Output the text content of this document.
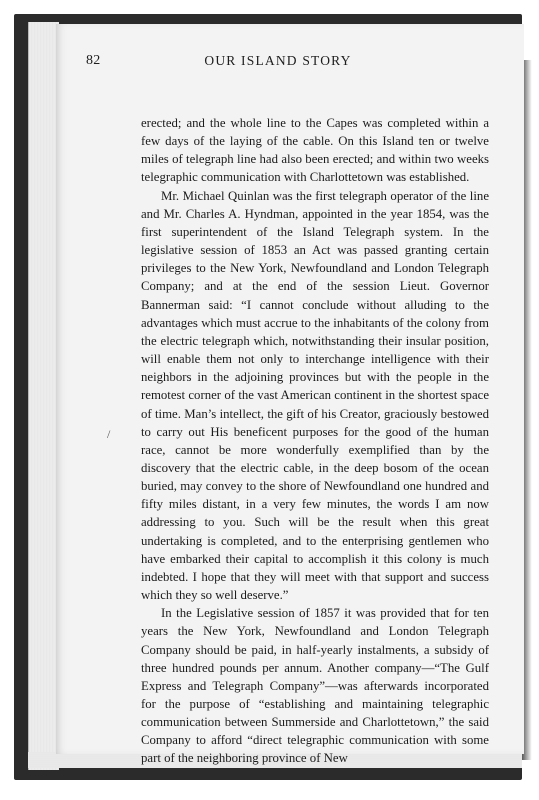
82	OUR ISLAND STORY

erected; and the whole line to the Capes was completed within a few days of the laying of the cable. On this Island ten or twelve miles of telegraph line had also been erected; and within two weeks telegraphic communication with Charlottetown was established.

Mr. Michael Quinlan was the first telegraph operator of the line and Mr. Charles A. Hyndman, appointed in the year 1854, was the first superintendent of the Island Telegraph system. In the legislative session of 1853 an Act was passed granting certain privileges to the New York, Newfoundland and London Telegraph Company; and at the end of the session Lieut. Governor Bannerman said: “I cannot conclude without alluding to the advantages which must accrue to the inhabitants of the colony from the electric telegraph which, notwithstanding their insular position, will enable them not only to interchange intelligence with their neighbors in the adjoining provinces but with the people in the remotest corner of the vast American continent in the shortest space of time. Man’s intellect, the gift of his Creator, graciously bestowed to carry out His beneficent purposes for the good of the human race, cannot be more wonderfully exemplified than by the discovery that the electric cable, in the deep bosom of the ocean buried, may convey to the shore of Newfoundland one hundred and fifty miles distant, in a very few minutes, the words I am now addressing to you. Such will be the result when this great undertaking is completed, and to the enterprising gentlemen who have embarked their capital to accomplish it this colony is much indebted. I hope that they will meet with that support and success which they so well deserve.”

In the Legislative session of 1857 it was provided that for ten years the New York, Newfoundland and London Telegraph Company should be paid, in half-yearly instalments, a subsidy of three hundred pounds per annum. Another company—“The Gulf Express and Telegraph Company”—was afterwards incorporated for the purpose of “establishing and maintaining telegraphic communication between Summerside and Charlottetown,” the said Company to afford “direct telegraphic communication with some part of the neighboring province of New

/
